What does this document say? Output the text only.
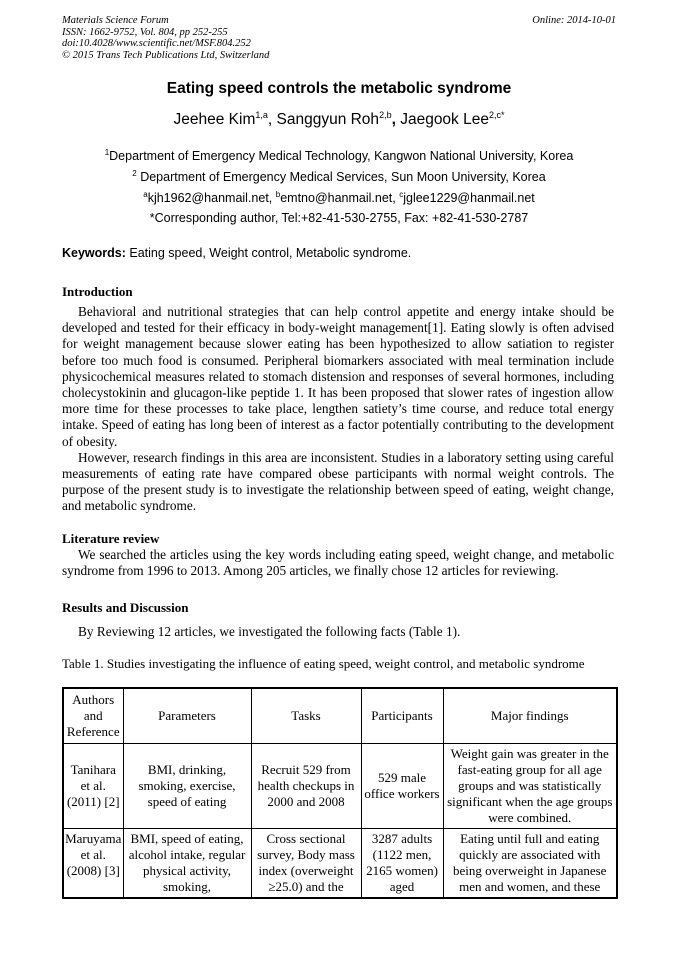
Materials Science Forum
ISSN: 1662-9752, Vol. 804, pp 252-255
doi:10.4028/www.scientific.net/MSF.804.252
© 2015 Trans Tech Publications Ltd, Switzerland
Online: 2014-10-01
Eating speed controls the metabolic syndrome
Jeehee Kim$^{1,a}$, Sanggyun Roh$^{2,b}$, Jaegook Lee$^{2,c*}$
$^1$Department of Emergency Medical Technology, Kangwon National University, Korea
$^2$ Department of Emergency Medical Services, Sun Moon University, Korea
$^a$kjh1962@hanmail.net, $^b$emtno@hanmail.net, $^c$jglee1229@hanmail.net
*Corresponding author, Tel:+82-41-530-2755, Fax: +82-41-530-2787
Keywords: Eating speed, Weight control, Metabolic syndrome.
Introduction

Behavioral and nutritional strategies that can help control appetite and energy intake should be developed and tested for their efficacy in body-weight management[1]. Eating slowly is often advised for weight management because slower eating has been hypothesized to allow satiation to register before too much food is consumed. Peripheral biomarkers associated with meal termination include physicochemical measures related to stomach distension and responses of several hormones, including cholecystokinin and glucagon-like peptide 1. It has been proposed that slower rates of ingestion allow more time for these processes to take place, lengthen satiety’s time course, and reduce total energy intake. Speed of eating has long been of interest as a factor potentially contributing to the development of obesity.

However, research findings in this area are inconsistent. Studies in a laboratory setting using careful measurements of eating rate have compared obese participants with normal weight controls. The purpose of the present study is to investigate the relationship between speed of eating, weight change, and metabolic syndrome.

Literature review

We searched the articles using the key words including eating speed, weight change, and metabolic syndrome from 1996 to 2013. Among 205 articles, we finally chose 12 articles for reviewing.

Results and Discussion

By Reviewing 12 articles, we investigated the following facts (Table 1).

Table 1. Studies investigating the influence of eating speed, weight control, and metabolic syndrome
Authors and Reference	Parameters	Tasks	Participants	Major findings
Tanihara et al. (2011) [2]	BMI, drinking, smoking, exercise, speed of eating	Recruit 529 from health checkups in 2000 and 2008	529 male office workers	Weight gain was greater in the fast-eating group for all age groups and was statistically significant when the age groups were combined.
Maruyama et al. (2008) [3]	BMI, speed of eating, alcohol intake, regular physical activity, smoking,	Cross sectional survey, Body mass index (overweight ≥25.0) and the	3287 adults (1122 men, 2165 women) aged	Eating until full and eating quickly are associated with being overweight in Japanese men and women, and these
